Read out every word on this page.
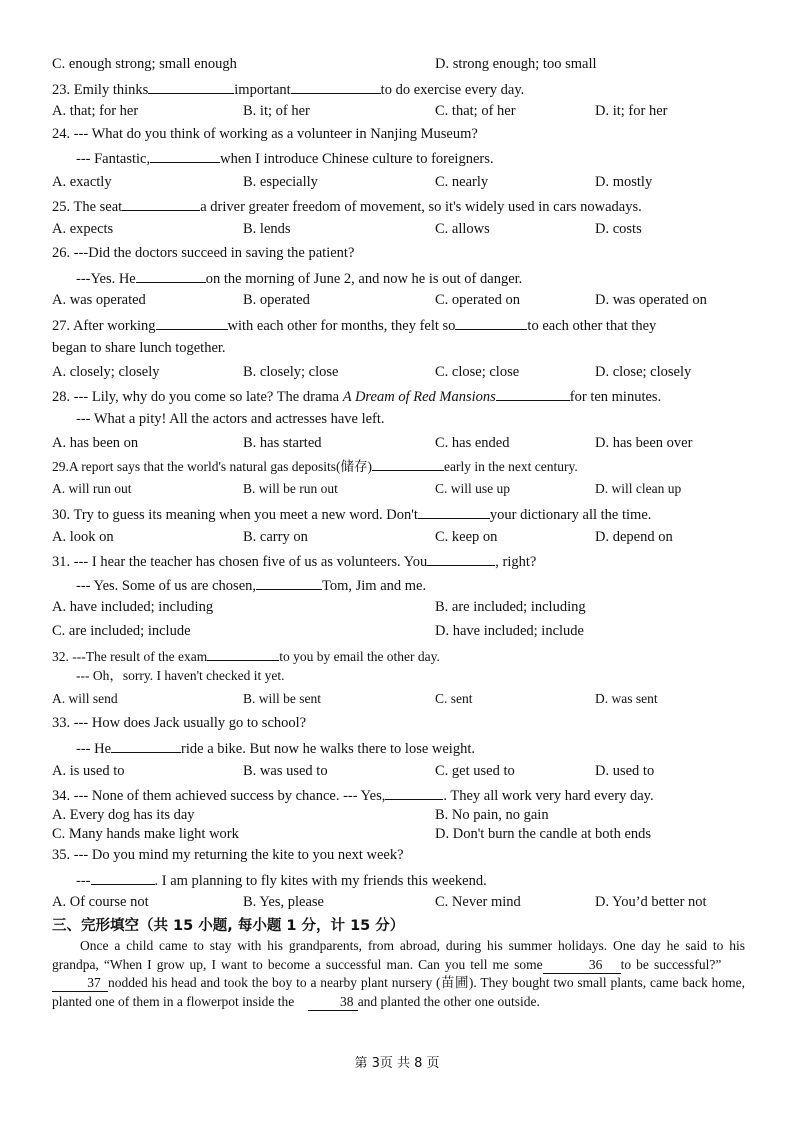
C. enough strong; small enough	D. strong enough; too small
23. Emily thinks	important	to do exercise every day.
A. that; for her	B. it; of her	C. that; of her	D. it; for her
24. --- What do you think of working as a volunteer in Nanjing Museum?
--- Fantastic,	when I introduce Chinese culture to foreigners.
A. exactly	B. especially	C. nearly	D. mostly
25. The seat	a driver greater freedom of movement, so it's widely used in cars nowadays.
A. expects	B. lends	C. allows	D. costs
26. ---Did the doctors succeed in saving the patient?
---Yes. He	on the morning of June 2, and now he is out of danger.
A. was operated	B. operated	C. operated on	D. was operated on
27. After working	with each other for months, they felt so	to each other that they
began to share lunch together.
A. closely; closely	B. closely; close	C. close; close	D. close; closely
28. --- Lily, why do you come so late? The drama A Dream of Red Mansions	for ten minutes.
--- What a pity! All the actors and actresses have left.
A. has been on	B. has started	C. has ended	D. has been over
29.A report says that the world's natural gas deposits(储存)	early in the next century.
A. will run out	B. will be run out	C. will use up	D. will clean up
30. Try to guess its meaning when you meet a new word. Don't	your dictionary all the time.
A. look on	B. carry on	C. keep on	D. depend on
31. --- I hear the teacher has chosen five of us as volunteers. You	, right?
--- Yes. Some of us are chosen,	Tom, Jim and me.
A. have included; including	B. are included; including
C. are included; include	D. have included; include
32. ---The result of the exam	to you by email the other day.
--- Oh，sorry. I haven't checked it yet.
A. will send	B. will be sent	C. sent	D. was sent
33. --- How does Jack usually go to school?
--- He	ride a bike. But now he walks there to lose weight.
A. is used to	B. was used to	C. get used to	D. used to
34. --- None of them achieved success by chance. --- Yes,	. They all work very hard every day.
A. Every dog has its day	B. No pain, no gain
C. Many hands make light work	D. Don't burn the candle at both ends
35. --- Do you mind my returning the kite to you next week?
---	. I am planning to fly kites with my friends this weekend.
A. Of course not	B. Yes, please	C. Never mind	D. You’d better not
三、完形填空（共 15 小题, 每小题 1 分，计 15 分）
Once a child came to stay with his grandparents, from abroad, during his summer holidays. One day he said to his grandpa, “When I grow up, I want to become a successful man. Can you tell me some	36 to be successful?”     37 nodded his head and took the boy to a nearby plant nursery (苗圃). They bought two small plants, came back home, planted one of them in a flowerpot inside the	38 and planted the other one outside.
第 3页 共 8 页
